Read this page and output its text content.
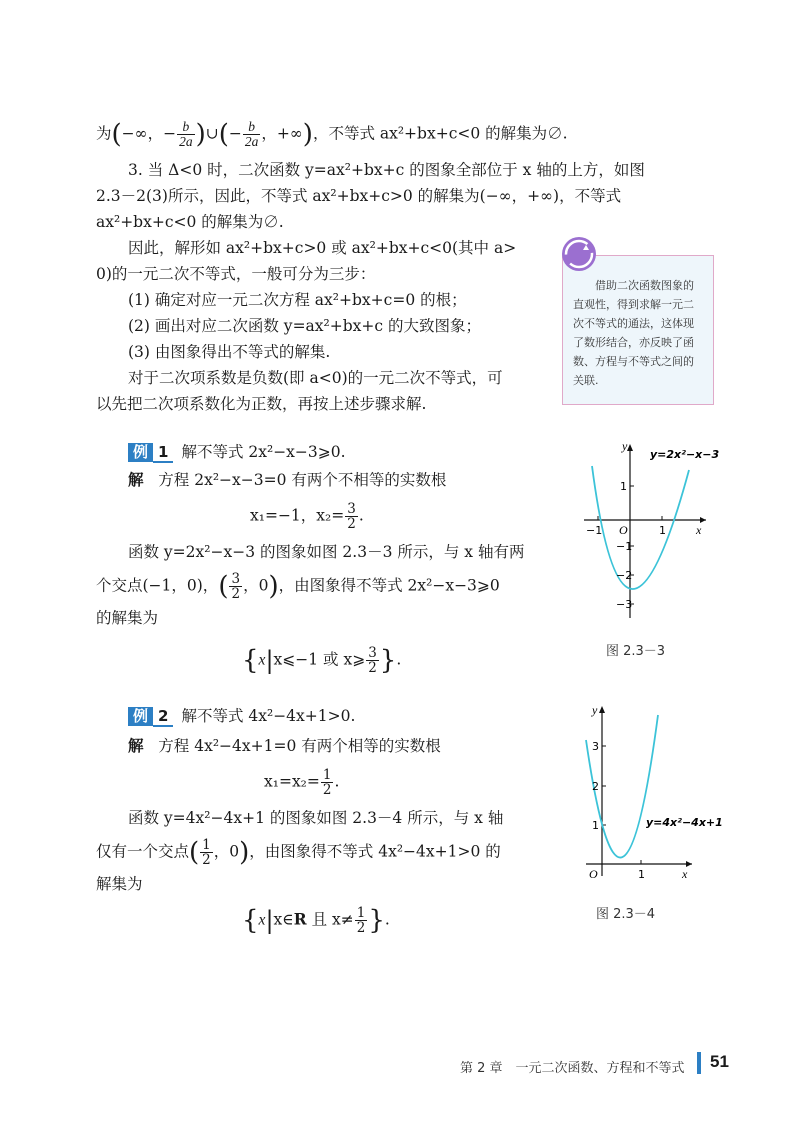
为(−∞，− $\frac{b}{2a}$ )∪(− $\frac{b}{2a}$ ，+∞)，不等式 ax²+bx+c<0 的解集为∅.
3. 当 Δ<0 时，二次函数 y=ax²+bx+c 的图象全部位于 x 轴的上方，如图
2.3－2(3)所示，因此，不等式 ax²+bx+c>0 的解集为(−∞，+∞)，不等式
ax²+bx+c<0 的解集为∅.
因此，解形如 ax²+bx+c>0 或 ax²+bx+c<0(其中 a>
0)的一元二次不等式，一般可分为三步：
(1) 确定对应一元二次方程 ax²+bx+c=0 的根；
(2) 画出对应二次函数 y=ax²+bx+c 的大致图象；
(3) 由图象得出不等式的解集.
对于二次项系数是负数(即 a<0)的一元二次不等式，可
以先把二次项系数化为正数，再按上述步骤求解.

借助二次函数图象的

直观性，得到求解一元二

次不等式的通法，这体现

了数形结合，亦反映了函

数、方程与不等式之间的

关联.

例 1 解不等式 2x²−x−3⩾0.
解 方程 2x²−x−3=0 有两个不相等的实数根
x₁=−1，$x_2= \frac{3}{2}$ .
函数 y=2x²−x−3 的图象如图 2.3－3 所示，与 x 轴有两
个交点(−1，0)，( $\frac{3}{2}$ ，0)，由图象得不等式 2x²−x−3⩾0
的解集为
{x|x⩽−1 或 x⩾ $\frac{3}{2}$ }.
y
x
O
−1	1
1
−1
−2
−3
y=2x²−x−3
图 2.3－3
例 2 解不等式 4x²−4x+1>0.
解 方程 4x²−4x+1=0 有两个相等的实数根
$x_1=x_2= \frac{1}{2}$ .
函数 y=4x²−4x+1 的图象如图 2.3－4 所示，与 x 轴
仅有一个交点( $\frac{1}{2}$ ，0)，由图象得不等式 4x²−4x+1>0 的
解集为
{x|x∈R 且 $x\ne \frac{1}{2}$ }.
y
x
O	1
3
2
1	y=4x²−4x+1
图 2.3－4
第 2 章　一元二次函数、方程和不等式 51
